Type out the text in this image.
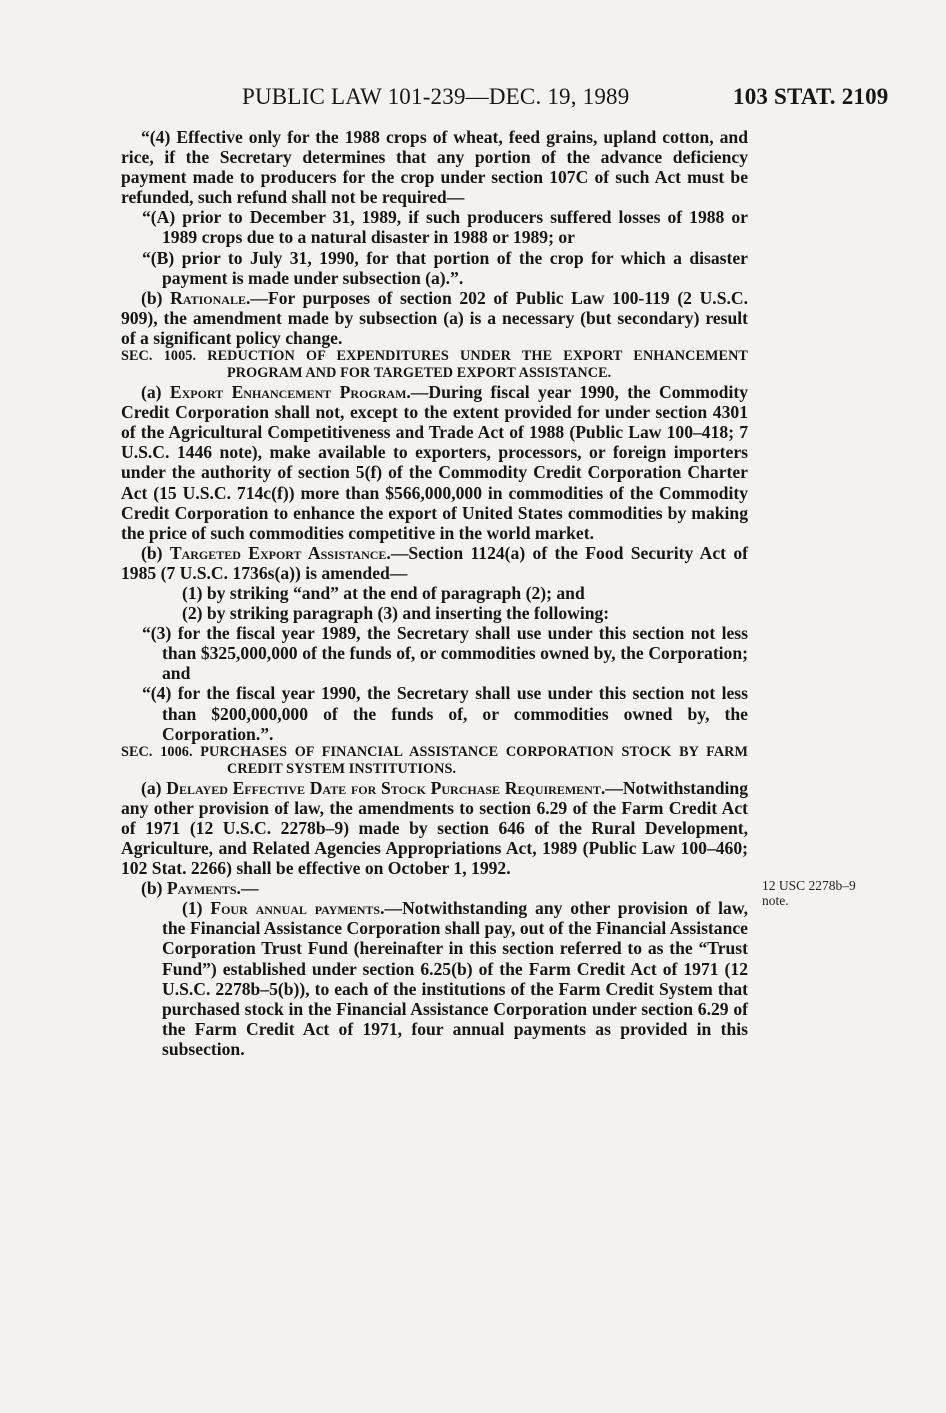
PUBLIC LAW 101-239—DEC. 19, 1989	103 STAT. 2109

“(4) Effective only for the 1988 crops of wheat, feed grains, upland cotton, and rice, if the Secretary determines that any portion of the advance deficiency payment made to producers for the crop under section 107C of such Act must be refunded, such refund shall not be required—

“(A) prior to December 31, 1989, if such producers suffered losses of 1988 or 1989 crops due to a natural disaster in 1988 or 1989; or

“(B) prior to July 31, 1990, for that portion of the crop for which a disaster payment is made under subsection (a).”.

(b) Rationale.—For purposes of section 202 of Public Law 100-119 (2 U.S.C. 909), the amendment made by subsection (a) is a necessary (but secondary) result of a significant policy change.

SEC. 1005. REDUCTION OF EXPENDITURES UNDER THE EXPORT ENHANCEMENT PROGRAM AND FOR TARGETED EXPORT ASSISTANCE.

(a) Export Enhancement Program.—During fiscal year 1990, the Commodity Credit Corporation shall not, except to the extent provided for under section 4301 of the Agricultural Competitiveness and Trade Act of 1988 (Public Law 100–418; 7 U.S.C. 1446 note), make available to exporters, processors, or foreign importers under the authority of section 5(f) of the Commodity Credit Corporation Charter Act (15 U.S.C. 714c(f)) more than $566,000,000 in commodities of the Commodity Credit Corporation to enhance the export of United States commodities by making the price of such commodities competitive in the world market.

(b) Targeted Export Assistance.—Section 1124(a) of the Food Security Act of 1985 (7 U.S.C. 1736s(a)) is amended—

(1) by striking “and” at the end of paragraph (2); and

(2) by striking paragraph (3) and inserting the following:

“(3) for the fiscal year 1989, the Secretary shall use under this section not less than $325,000,000 of the funds of, or commodities owned by, the Corporation; and

“(4) for the fiscal year 1990, the Secretary shall use under this section not less than $200,000,000 of the funds of, or commodities owned by, the Corporation.”.

SEC. 1006. PURCHASES OF FINANCIAL ASSISTANCE CORPORATION STOCK BY FARM CREDIT SYSTEM INSTITUTIONS.

(a) Delayed Effective Date for Stock Purchase Requirement.—Notwithstanding any other provision of law, the amendments to section 6.29 of the Farm Credit Act of 1971 (12 U.S.C. 2278b–9) made by section 646 of the Rural Development, Agriculture, and Related Agencies Appropriations Act, 1989 (Public Law 100–460; 102 Stat. 2266) shall be effective on October 1, 1992.

(b) Payments.—

(1) Four annual payments.—Notwithstanding any other provision of law, the Financial Assistance Corporation shall pay, out of the Financial Assistance Corporation Trust Fund (hereinafter in this section referred to as the “Trust Fund”) established under section 6.25(b) of the Farm Credit Act of 1971 (12 U.S.C. 2278b–5(b)), to each of the institutions of the Farm Credit System that purchased stock in the Financial Assistance Corporation under section 6.29 of the Farm Credit Act of 1971, four annual payments as provided in this subsection.

12 USC 2278b–9
note.
